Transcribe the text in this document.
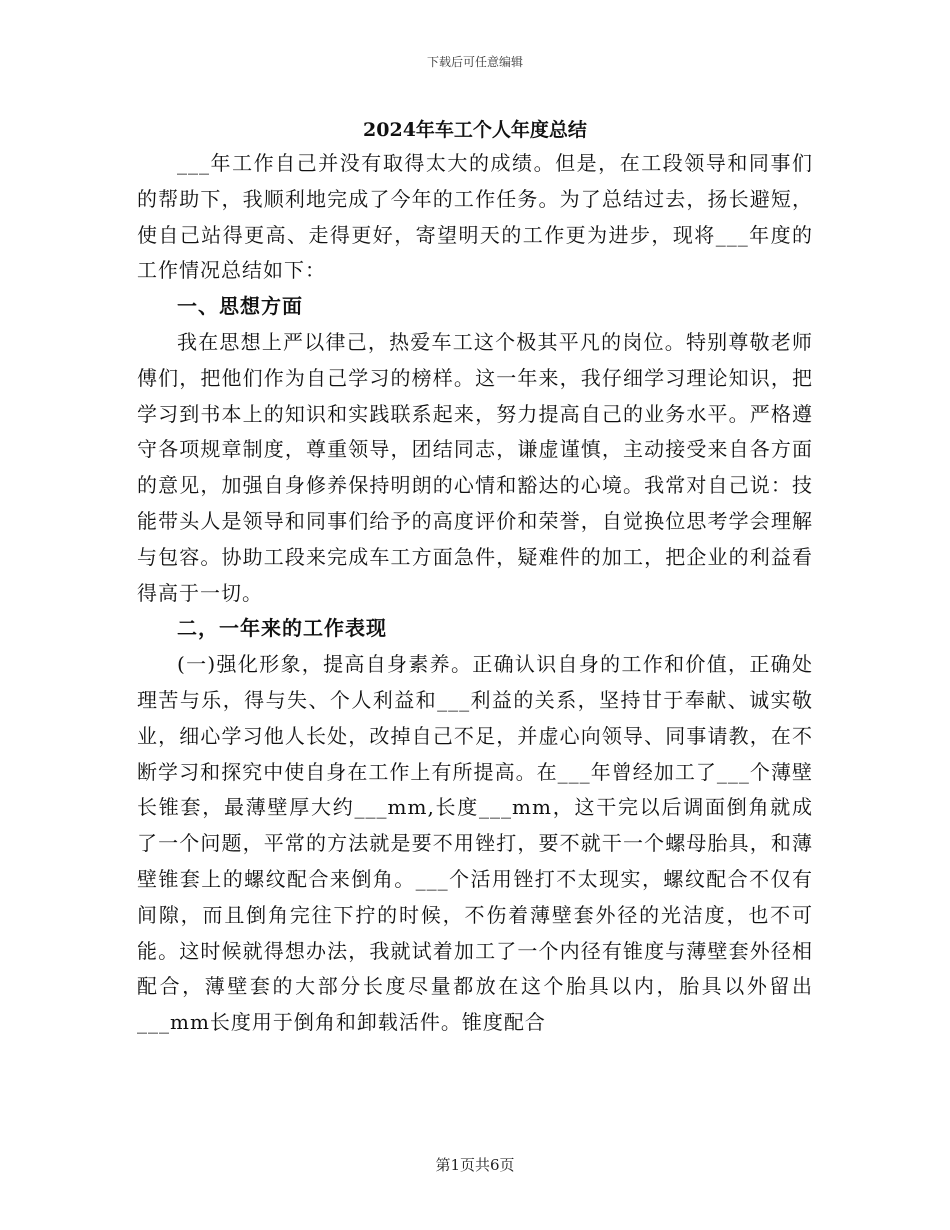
下载后可任意编辑
2024年车工个人年度总结

___年工作自己并没有取得太大的成绩。但是，在工段领导和同事们的帮助下，我顺利地完成了今年的工作任务。为了总结过去，扬长避短，使自己站得更高、走得更好，寄望明天的工作更为进步，现将___年度的工作情况总结如下：

一、思想方面

我在思想上严以律己，热爱车工这个极其平凡的岗位。特别尊敬老师傅们，把他们作为自己学习的榜样。这一年来，我仔细学习理论知识，把学习到书本上的知识和实践联系起来，努力提高自己的业务水平。严格遵守各项规章制度，尊重领导，团结同志，谦虚谨慎，主动接受来自各方面的意见，加强自身修养保持明朗的心情和豁达的心境。我常对自己说：技能带头人是领导和同事们给予的高度评价和荣誉，自觉换位思考学会理解与包容。协助工段来完成车工方面急件，疑难件的加工，把企业的利益看得高于一切。

二，一年来的工作表现

(一)强化形象，提高自身素养。正确认识自身的工作和价值，正确处理苦与乐，得与失、个人利益和___利益的关系，坚持甘于奉献、诚实敬业，细心学习他人长处，改掉自己不足，并虚心向领导、同事请教，在不断学习和探究中使自身在工作上有所提高。在___年曾经加工了___个薄壁长锥套，最薄壁厚大约___mm,长度___mm，这干完以后调面倒角就成了一个问题，平常的方法就是要不用锉打，要不就干一个螺母胎具，和薄壁锥套上的螺纹配合来倒角。___个活用锉打不太现实，螺纹配合不仅有间隙，而且倒角完往下拧的时候，不伤着薄壁套外径的光洁度，也不可能。这时候就得想办法，我就试着加工了一个内径有锥度与薄壁套外径相配合，薄壁套的大部分长度尽量都放在这个胎具以内，胎具以外留出___mm长度用于倒角和卸载活件。锥度配合

第1页共6页
